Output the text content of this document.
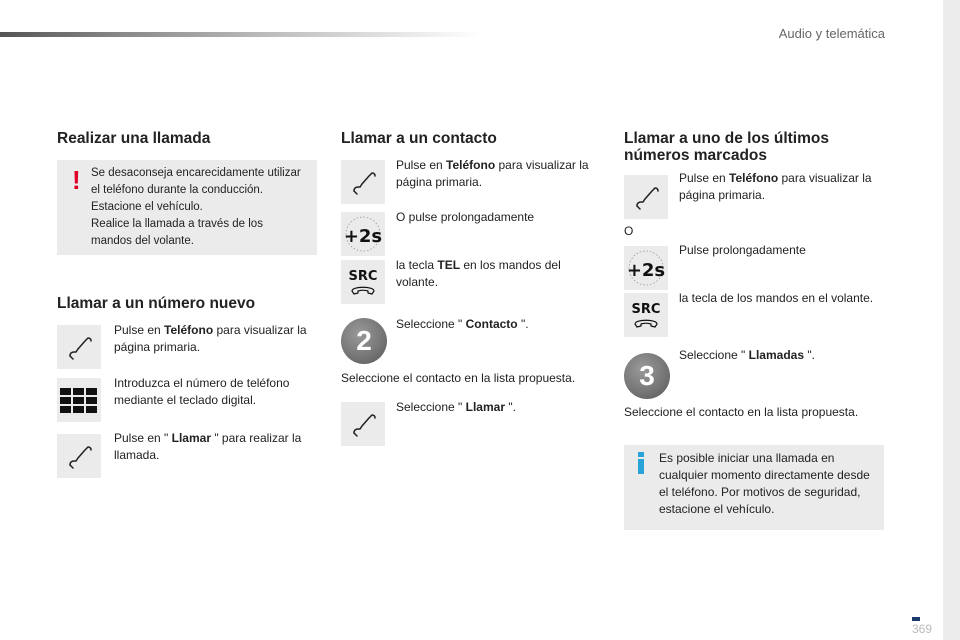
Audio y telemática
Realizar una llamada
! Se desaconseja encarecidamente utilizar
el teléfono durante la conducción.
Estacione el vehículo.
Realice la llamada a través de los
mandos del volante.
Llamar a un número nuevo
Pulse en Teléfono para visualizar la página primaria.
Introduzca el número de teléfono mediante el teclado digital.
Pulse en " Llamar " para realizar la llamada.
Llamar a un contacto
Pulse en Teléfono para visualizar la página primaria.
+2s
O pulse prolongadamente
SRC
la tecla TEL en los mandos del volante.
2
Seleccione " Contacto ".
Seleccione el contacto en la lista propuesta.
Seleccione " Llamar ".
Llamar a uno de los últimos
números marcados
Pulse en Teléfono para visualizar la página primaria.
O
+2s
Pulse prolongadamente
SRC
la tecla de los mandos en el volante.
3
Seleccione " Llamadas ".
Seleccione el contacto en la lista propuesta.
Es posible iniciar una llamada en
cualquier momento directamente desde
el teléfono. Por motivos de seguridad,
estacione el vehículo.
369
